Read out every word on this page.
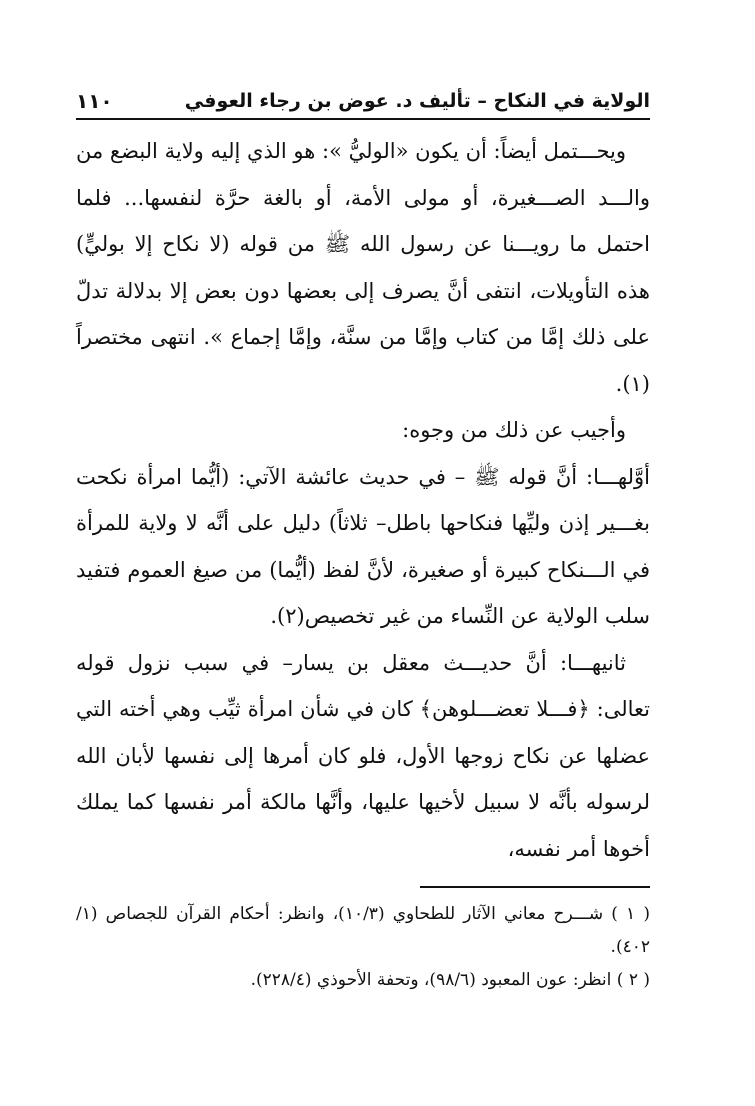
الولاية في النكاح – تأليف د. عوض بن رجاء العوفي
١١٠

ويحـــتمل أيضاً: أن يكون «الوليُّ »: هو الذي إليه ولاية البضع من والـــد الصـــغيرة، أو مولى الأمة، أو بالغة حرَّة لنفسها... فلما احتمل ما رويـــنا عن رسول الله ﷺ من قوله (لا نكاح إلا بوليٍّ) هذه التأويلات، انتفى أنَّ يصرف إلى بعضها دون بعض إلا بدلالة تدلّ على ذلك إمَّا من كتاب وإمَّا من سنَّة، وإمَّا إجماع ». انتهى مختصراً (١).

وأجيب عن ذلك من وجوه:

أوَّلهـــا: أنَّ قوله ﷺ – في حديث عائشة الآتي: (أيُّما امرأة نكحت بغـــير إذن وليِّها فنكاحها باطل– ثلاثاً) دليل على أنَّه لا ولاية للمرأة في الـــنكاح كبيرة أو صغيرة، لأنَّ لفظ (أيُّما) من صيغ العموم فتفيد سلب الولاية عن النِّساء من غير تخصيص(٢).

ثانيهـــا: أنَّ حديـــث معقل بن يسار– في سبب نزول قوله تعالى: ﴿فـــلا تعضـــلوهن﴾ كان في شأن امرأة ثيِّب وهي أخته التي عضلها عن نكاح زوجها الأول، فلو كان أمرها إلى نفسها لأبان الله لرسوله بأنَّه لا سبيل لأخيها عليها، وأنَّها مالكة أمر نفسها كما يملك أخوها أمر نفسه،

( ١ ) شـــرح معاني الآثار للطحاوي (١٠/٣)، وانظر: أحكام القرآن للجصاص (١/ ٤٠٢).

( ٢ ) انظر: عون المعبود (٩٨/٦)، وتحفة الأحوذي (٢٢٨/٤).
